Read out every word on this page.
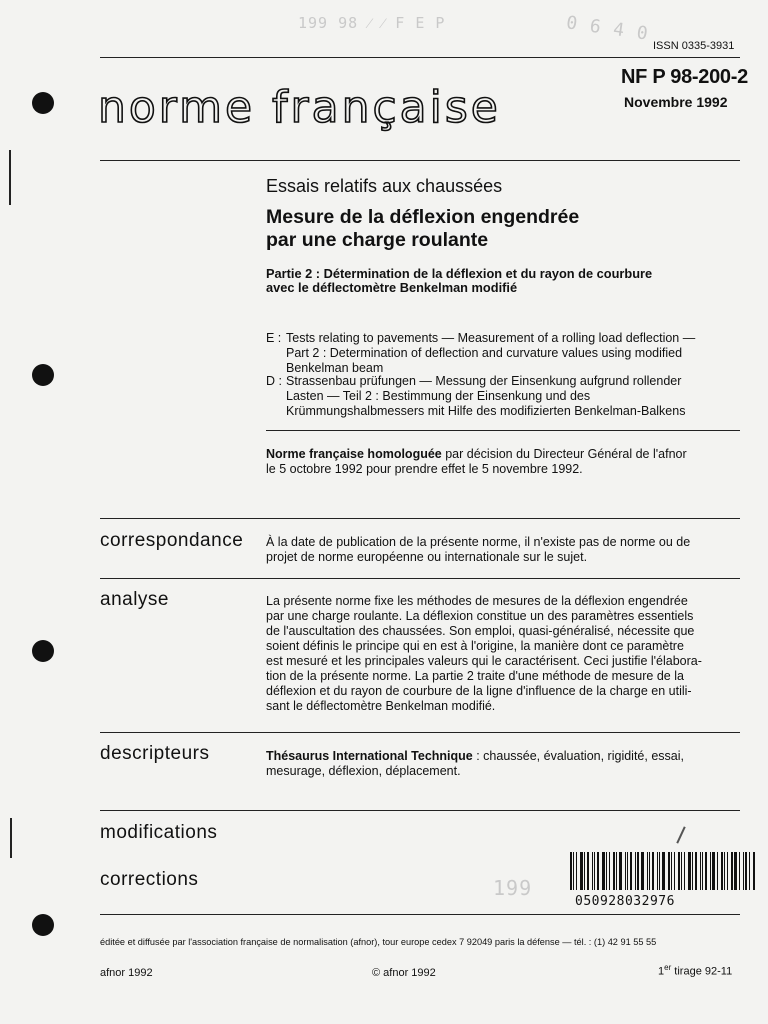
199 98 ⁄ ⁄ F E P	0 6 4 0
ISSN 0335-3931
norme française
NF P 98-200-2
Novembre 1992
Essais relatifs aux chaussées
Mesure de la déflexion engendrée
par une charge roulante
Partie 2 : Détermination de la déflexion et du rayon de courbure
avec le déflectomètre Benkelman modifié
E : Tests relating to pavements — Measurement of a rolling load deflection —
Part 2 : Determination of deflection and curvature values using modified
Benkelman beam
D : Strassenbau prüfungen — Messung der Einsenkung aufgrund rollender
Lasten — Teil 2 : Bestimmung der Einsenkung und des
Krümmungshalbmessers mit Hilfe des modifizierten Benkelman-Balkens
Norme française homologuée par décision du Directeur Général de l'afnor
le 5 octobre 1992 pour prendre effet le 5 novembre 1992.
correspondance À la date de publication de la présente norme, il n'existe pas de norme ou de
projet de norme européenne ou internationale sur le sujet.
analyse	La présente norme fixe les méthodes de mesures de la déflexion engendrée
par une charge roulante. La déflexion constitue un des paramètres essentiels
de l'auscultation des chaussées. Son emploi, quasi-généralisé, nécessite que
soient définis le principe qui en est à l'origine, la manière dont ce paramètre
est mesuré et les principales valeurs qui le caractérisent. Ceci justifie l'élabora-
tion de la présente norme. La partie 2 traite d'une méthode de mesure de la
déflexion et du rayon de courbure de la ligne d'influence de la charge en utili-
sant le déflectomètre Benkelman modifié.
descripteurs	Thésaurus International Technique : chaussée, évaluation, rigidité, essai,
mesurage, déflexion, déplacement.
modifications
corrections	199
050928032976
éditée et diffusée par l'association française de normalisation (afnor), tour europe cedex 7 92049 paris la défense — tél. : (1) 42 91 55 55
afnor 1992	© afnor 1992	1er tirage 92-11
